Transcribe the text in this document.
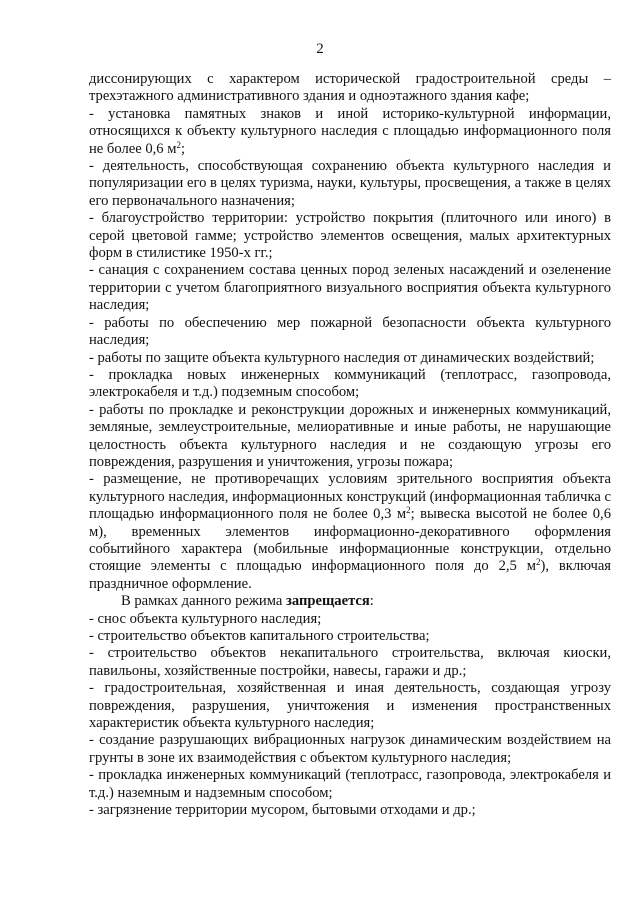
2

диссонирующих с характером исторической градостроительной среды – трехэтажного административного здания и одноэтажного здания кафе;

- установка памятных знаков и иной историко-культурной информации, относящихся к объекту культурного наследия с площадью информационного поля не более 0,6 $м^2$;

- деятельность, способствующая сохранению объекта культурного наследия и популяризации его в целях туризма, науки, культуры, просвещения, а также в целях его первоначального назначения;

- благоустройство территории: устройство покрытия (плиточного или иного) в серой цветовой гамме; устройство элементов освещения, малых архитектурных форм в стилистике 1950-х гг.;

- санация с сохранением состава ценных пород зеленых насаждений и озеленение территории с учетом благоприятного визуального восприятия объекта культурного наследия;

- работы по обеспечению мер пожарной безопасности объекта культурного наследия;

- работы по защите объекта культурного наследия от динамических воздействий;

- прокладка новых инженерных коммуникаций (теплотрасс, газопровода, электрокабеля и т.д.) подземным способом;

- работы по прокладке и реконструкции дорожных и инженерных коммуникаций, земляные, землеустроительные, мелиоративные и иные работы, не нарушающие целостность объекта культурного наследия и не создающую угрозы его повреждения, разрушения и уничтожения, угрозы пожара;

- размещение, не противоречащих условиям зрительного восприятия объекта культурного наследия, информационных конструкций (информационная табличка с площадью информационного поля не более 0,3 $м^2$; вывеска высотой не более 0,6 м), временных элементов информационно-декоративного оформления событийного характера (мобильные информационные конструкции, отдельно стоящие элементы с площадью информационного поля до 2,5 $м^2$), включая праздничное оформление.

В рамках данного режима запрещается:

- снос объекта культурного наследия;

- строительство объектов капитального строительства;

- строительство объектов некапитального строительства, включая киоски, павильоны, хозяйственные постройки, навесы, гаражи и др.;

- градостроительная, хозяйственная и иная деятельность, создающая угрозу повреждения, разрушения, уничтожения и изменения пространственных характеристик объекта культурного наследия;

- создание разрушающих вибрационных нагрузок динамическим воздействием на грунты в зоне их взаимодействия с объектом культурного наследия;

- прокладка инженерных коммуникаций (теплотрасс, газопровода, электрокабеля и т.д.) наземным и надземным способом;

- загрязнение территории мусором, бытовыми отходами и др.;
